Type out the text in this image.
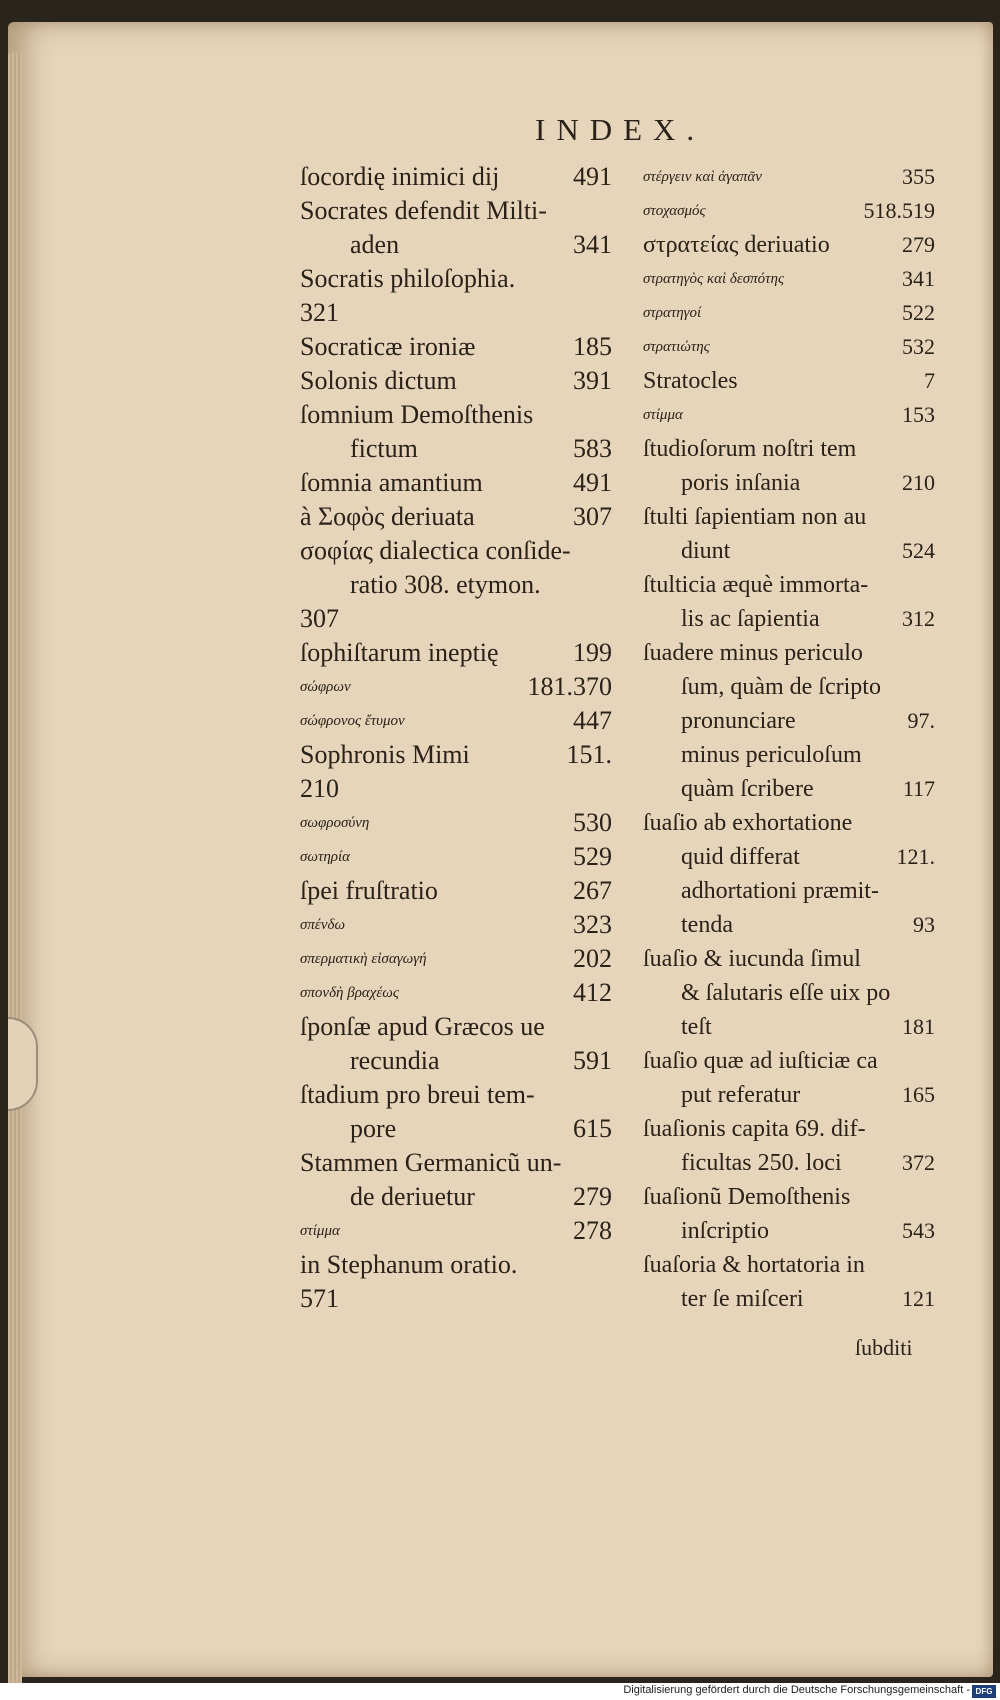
INDEX.
ſocordię inimici dij	491
Socrates defendit Milti-
aden	341
Socratis philoſophia.
321
Socraticæ ironiæ	185
Solonis dictum	391
ſomnium Demoſthenis
fictum	583
ſomnia amantium	491
à Σοφὸς deriuata	307
σοφίας dialectica conſide-
ratio 308. etymon.
307
ſophiſtarum ineptię	199
σώφρων	181.370
σώφρονος ἔτυμον	447
Sophronis Mimi	151.
210
σωφροσύνη	530
σωτηρία	529
ſpei fruſtratio	267
σπένδω	323
σπερματικὴ εἰσαγωγή	202
σπονδὴ βραχέως	412
ſponſæ apud Græcos ue
recundia	591
ſtadium pro breui tem-
pore	615
Stammen Germanicũ un-
de deriuetur	279
στίμμα	278
in Stephanum oratio.
571
στέργειν καὶ ἀγαπᾶν	355
στοχασμός	518.519
στρατείας deriuatio	279
στρατηγὸς καὶ δεσπότης	341
στρατηγοί	522
στρατιώτης	532
Stratocles	7
στίμμα	153
ſtudioſorum noſtri tem
poris inſania	210
ſtulti ſapientiam non au
diunt	524
ſtulticia æquè immorta-
lis ac ſapientia	312
ſuadere minus periculo
ſum, quàm de ſcripto
pronunciare	97.
minus periculoſum
quàm ſcribere	117
ſuaſio ab exhortatione
quid differat	121.
adhortationi præmit-
tenda	93
ſuaſio & iucunda ſimul
& ſalutaris eſſe uix po
teſt	181
ſuaſio quæ ad iuſticiæ ca
put referatur	165
ſuaſionis capita 69. dif-
ficultas 250. loci	372
ſuaſionũ Demoſthenis
inſcriptio	543
ſuaſoria & hortatoria in
ter ſe miſceri	121
ſubditi
Digitalisierung gefördert durch die Deutsche Forschungsgemeinschaft - DFG
